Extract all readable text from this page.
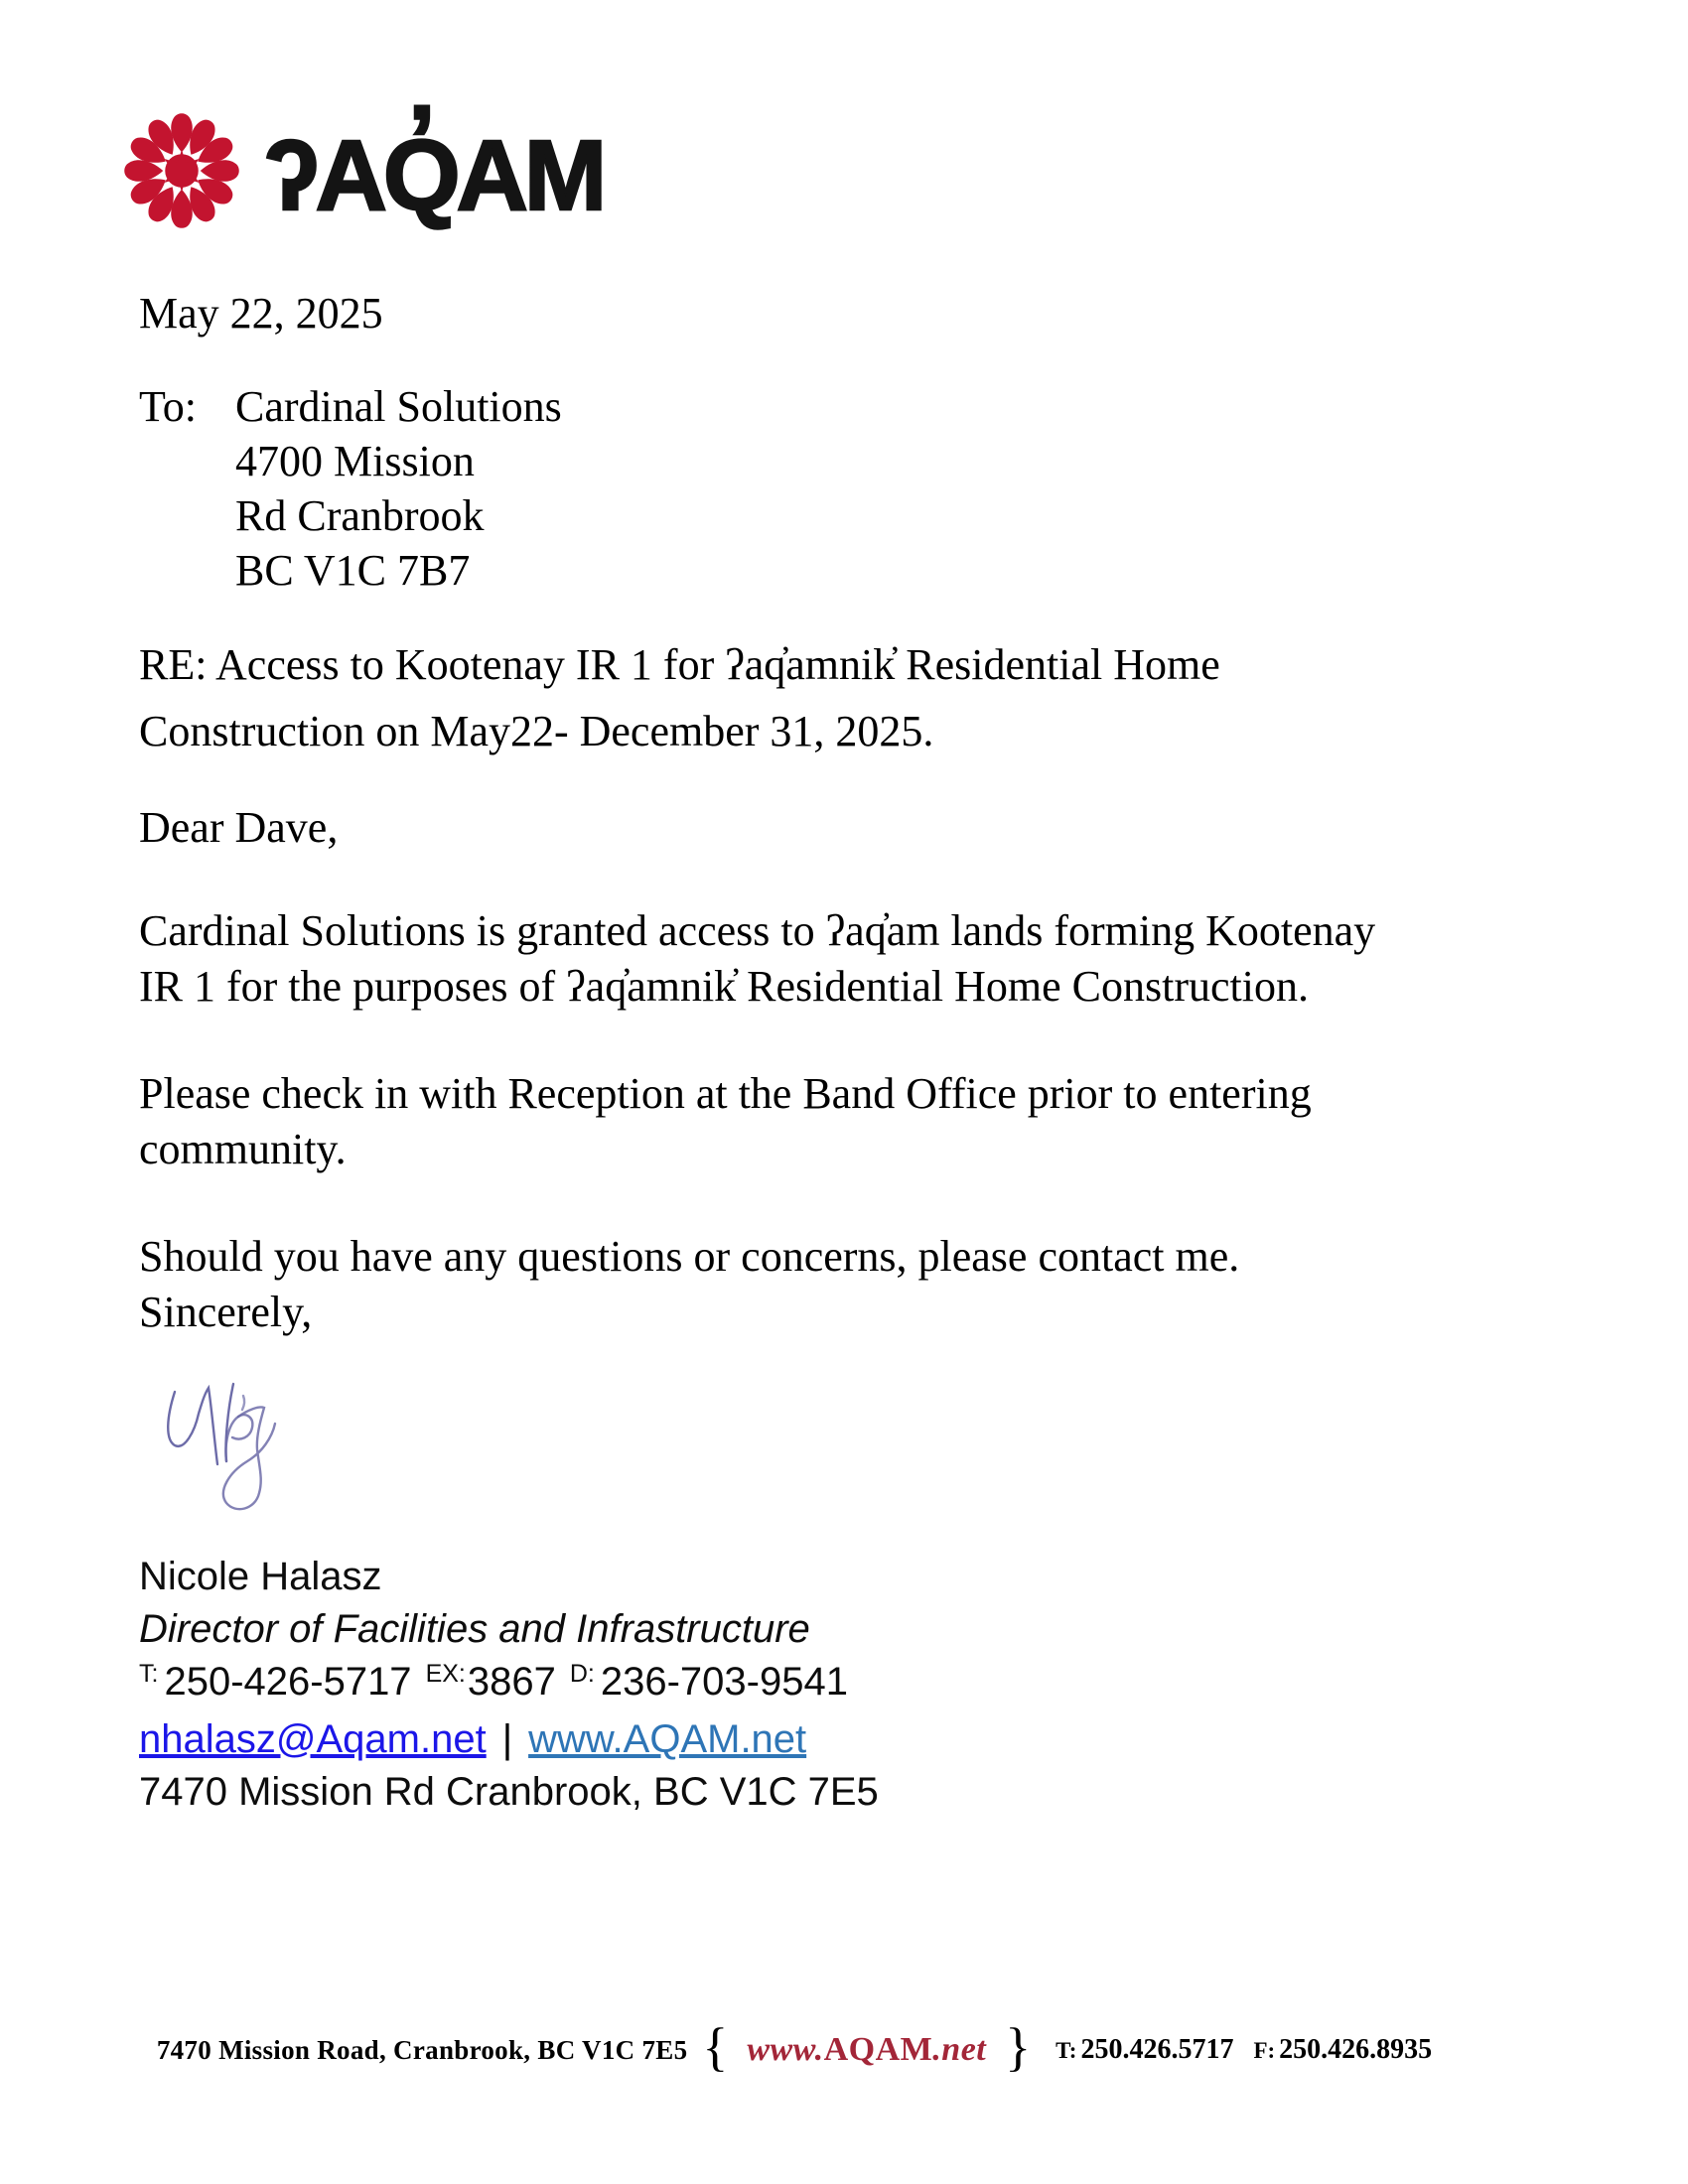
ʔAQ̓AM
May 22, 2025
To: Cardinal Solutions
4700 Mission
Rd Cranbrook
BC V1C 7B7
RE: Access to Kootenay IR 1 for ʔaq̓amnik̓ Residential Home
Construction on May22- December 31, 2025.
Dear Dave,
Cardinal Solutions is granted access to ʔaq̓am lands forming Kootenay
IR 1 for the purposes of ʔaq̓amnik̓ Residential Home Construction.
Please check in with Reception at the Band Office prior to entering
community.
Should you have any questions or concerns, please contact me.
Sincerely,
Nicole Halasz
Director of Facilities and Infrastructure
$^{T:}$ 250-426-5717 $^{EX:}$3867 $^{D:}$ 236-703-9541
nhalasz@Aqam.net | www.AQAM.net
7470 Mission Rd Cranbrook, BC V1C 7E5
7470 Mission Road, Cranbrook, BC V1C 7E5 { www.AQAM.net } T: 250.426.5717 F: 250.426.8935
